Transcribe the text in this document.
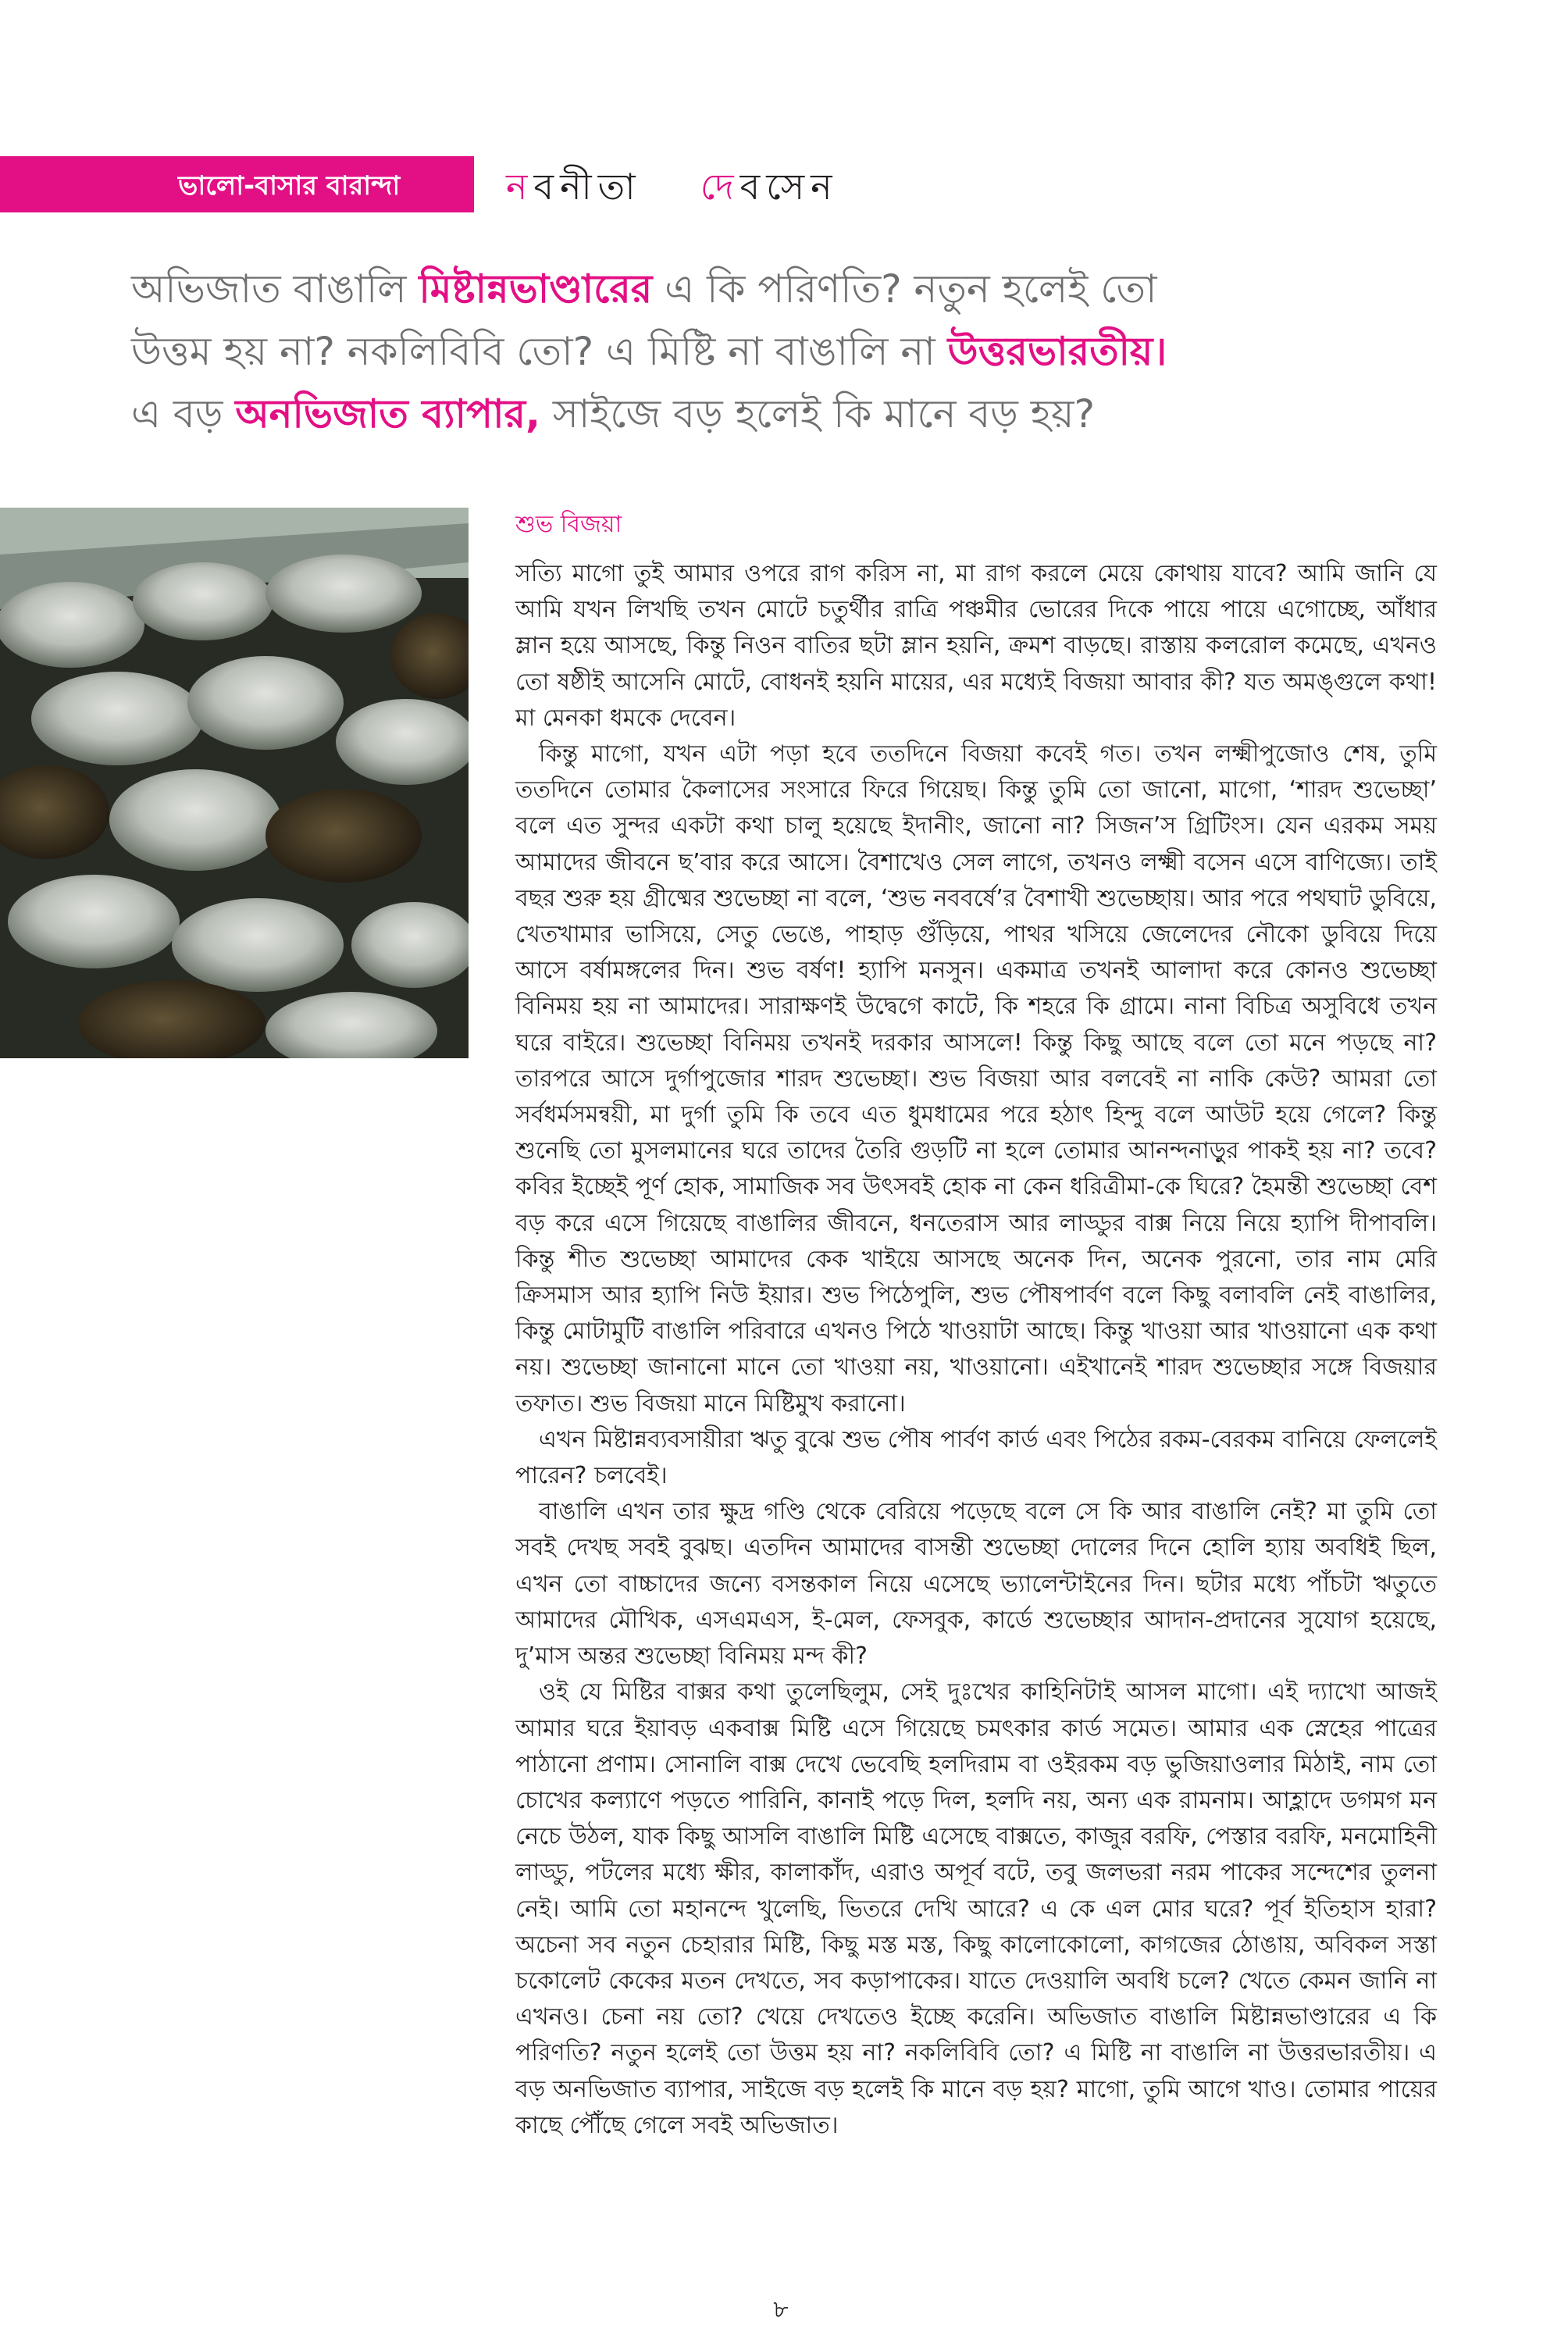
ভালো-বাসার বারান্দা	নবনীতা দেবসেন
অভিজাত বাঙালি মিষ্টান্নভাণ্ডারের এ কি পরিণতি? নতুন হলেই তো
উত্তম হয় না? নকলিবিবি তো? এ মিষ্টি না বাঙালি না উত্তরভারতীয়।
এ বড় অনভিজাত ব্যাপার, সাইজে বড় হলেই কি মানে বড় হয়?
শুভ বিজয়া

সত্যি মাগো তুই আমার ওপরে রাগ করিস না, মা রাগ করলে মেয়ে কোথায় যাবে? আমি জানি যে আমি যখন লিখছি তখন মোটে চতুর্থীর রাত্রি পঞ্চমীর ভোরের দিকে পায়ে পায়ে এগোচ্ছে, আঁধার ম্লান হয়ে আসছে, কিন্তু নিওন বাতির ছটা ম্লান হয়নি, ক্রমশ বাড়ছে। রাস্তায় কলরোল কমেছে, এখনও তো ষষ্ঠীই আসেনি মোটে, বোধনই হয়নি মায়ের, এর মধ্যেই বিজয়া আবার কী? যত অমঙ্গুলে কথা! মা মেনকা ধমকে দেবেন।

কিন্তু মাগো, যখন এটা পড়া হবে ততদিনে বিজয়া কবেই গত। তখন লক্ষ্মীপুজোও শেষ, তুমি ততদিনে তোমার কৈলাসের সংসারে ফিরে গিয়েছ। কিন্তু তুমি তো জানো, মাগো, ‘শারদ শুভেচ্ছা’ বলে এত সুন্দর একটা কথা চালু হয়েছে ইদানীং, জানো না? সিজন’স গ্রিটিংস। যেন এরকম সময় আমাদের জীবনে ছ’বার করে আসে। বৈশাখেও সেল লাগে, তখনও লক্ষ্মী বসেন এসে বাণিজ্যে। তাই বছর শুরু হয় গ্রীষ্মের শুভেচ্ছা না বলে, ‘শুভ নববর্ষে’র বৈশাখী শুভেচ্ছায়। আর পরে পথঘাট ডুবিয়ে, খেতখামার ভাসিয়ে, সেতু ভেঙে, পাহাড় গুঁড়িয়ে, পাথর খসিয়ে জেলেদের নৌকো ডুবিয়ে দিয়ে আসে বর্ষামঙ্গলের দিন। শুভ বর্ষণ! হ্যাপি মনসুন। একমাত্র তখনই আলাদা করে কোনও শুভেচ্ছা বিনিময় হয় না আমাদের। সারাক্ষণই উদ্বেগে কাটে, কি শহরে কি গ্রামে। নানা বিচিত্র অসুবিধে তখন ঘরে বাইরে। শুভেচ্ছা বিনিময় তখনই দরকার আসলে! কিন্তু কিছু আছে বলে তো মনে পড়ছে না? তারপরে আসে দুর্গাপুজোর শারদ শুভেচ্ছা। শুভ বিজয়া আর বলবেই না নাকি কেউ? আমরা তো সর্বধর্মসমন্বয়ী, মা দুর্গা তুমি কি তবে এত ধুমধামের পরে হঠাৎ হিন্দু বলে আউট হয়ে গেলে? কিন্তু শুনেছি তো মুসলমানের ঘরে তাদের তৈরি গুড়টি না হলে তোমার আনন্দনাড়ুর পাকই হয় না? তবে? কবির ইচ্ছেই পূর্ণ হোক, সামাজিক সব উৎসবই হোক না কেন ধরিত্রীমা-কে ঘিরে? হৈমন্তী শুভেচ্ছা বেশ বড় করে এসে গিয়েছে বাঙালির জীবনে, ধনতেরাস আর লাড্ডুর বাক্স নিয়ে নিয়ে হ্যাপি দীপাবলি। কিন্তু শীত শুভেচ্ছা আমাদের কেক খাইয়ে আসছে অনেক দিন, অনেক পুরনো, তার নাম মেরি ক্রিসমাস আর হ্যাপি নিউ ইয়ার। শুভ পিঠেপুলি, শুভ পৌষপার্বণ বলে কিছু বলাবলি নেই বাঙালির, কিন্তু মোটামুটি বাঙালি পরিবারে এখনও পিঠে খাওয়াটা আছে। কিন্তু খাওয়া আর খাওয়ানো এক কথা নয়। শুভেচ্ছা জানানো মানে তো খাওয়া নয়, খাওয়ানো। এইখানেই শারদ শুভেচ্ছার সঙ্গে বিজয়ার তফাত। শুভ বিজয়া মানে মিষ্টিমুখ করানো।

এখন মিষ্টান্নব্যবসায়ীরা ঋতু বুঝে শুভ পৌষ পার্বণ কার্ড এবং পিঠের রকম-বেরকম বানিয়ে ফেললেই পারেন? চলবেই।

বাঙালি এখন তার ক্ষুদ্র গণ্ডি থেকে বেরিয়ে পড়েছে বলে সে কি আর বাঙালি নেই? মা তুমি তো সবই দেখছ সবই বুঝছ। এতদিন আমাদের বাসন্তী শুভেচ্ছা দোলের দিনে হোলি হ্যায় অবধিই ছিল, এখন তো বাচ্চাদের জন্যে বসন্তকাল নিয়ে এসেছে ভ্যালেন্টাইনের দিন। ছটার মধ্যে পাঁচটা ঋতুতে আমাদের মৌখিক, এসএমএস, ই-মেল, ফেসবুক, কার্ডে শুভেচ্ছার আদান-প্রদানের সুযোগ হয়েছে, দু’মাস অন্তর শুভেচ্ছা বিনিময় মন্দ কী?

ওই যে মিষ্টির বাক্সর কথা তুলেছিলুম, সেই দুঃখের কাহিনিটাই আসল মাগো। এই দ্যাখো আজই আমার ঘরে ইয়াবড় একবাক্স মিষ্টি এসে গিয়েছে চমৎকার কার্ড সমেত। আমার এক স্নেহের পাত্রের পাঠানো প্রণাম। সোনালি বাক্স দেখে ভেবেছি হলদিরাম বা ওইরকম বড় ভুজিয়াওলার মিঠাই, নাম তো চোখের কল্যাণে পড়তে পারিনি, কানাই পড়ে দিল, হলদি নয়, অন্য এক রামনাম। আহ্লাদে ডগমগ মন নেচে উঠল, যাক কিছু আসলি বাঙালি মিষ্টি এসেছে বাক্সতে, কাজুর বরফি, পেস্তার বরফি, মনমোহিনী লাড্ডু, পটলের মধ্যে ক্ষীর, কালাকাঁদ, এরাও অপূর্ব বটে, তবু জলভরা নরম পাকের সন্দেশের তুলনা নেই। আমি তো মহানন্দে খুলেছি, ভিতরে দেখি আরে? এ কে এল মোর ঘরে? পূর্ব ইতিহাস হারা? অচেনা সব নতুন চেহারার মিষ্টি, কিছু মস্ত মস্ত, কিছু কালোকোলো, কাগজের ঠোঙায়, অবিকল সস্তা চকোলেট কেকের মতন দেখতে, সব কড়াপাকের। যাতে দেওয়ালি অবধি চলে? খেতে কেমন জানি না এখনও। চেনা নয় তো? খেয়ে দেখতেও ইচ্ছে করেনি। অভিজাত বাঙালি মিষ্টান্নভাণ্ডারের এ কি পরিণতি? নতুন হলেই তো উত্তম হয় না? নকলিবিবি তো? এ মিষ্টি না বাঙালি না উত্তরভারতীয়। এ বড় অনভিজাত ব্যাপার, সাইজে বড় হলেই কি মানে বড় হয়? মাগো, তুমি আগে খাও। তোমার পায়ের কাছে পৌঁছে গেলে সবই অভিজাত।

৮
